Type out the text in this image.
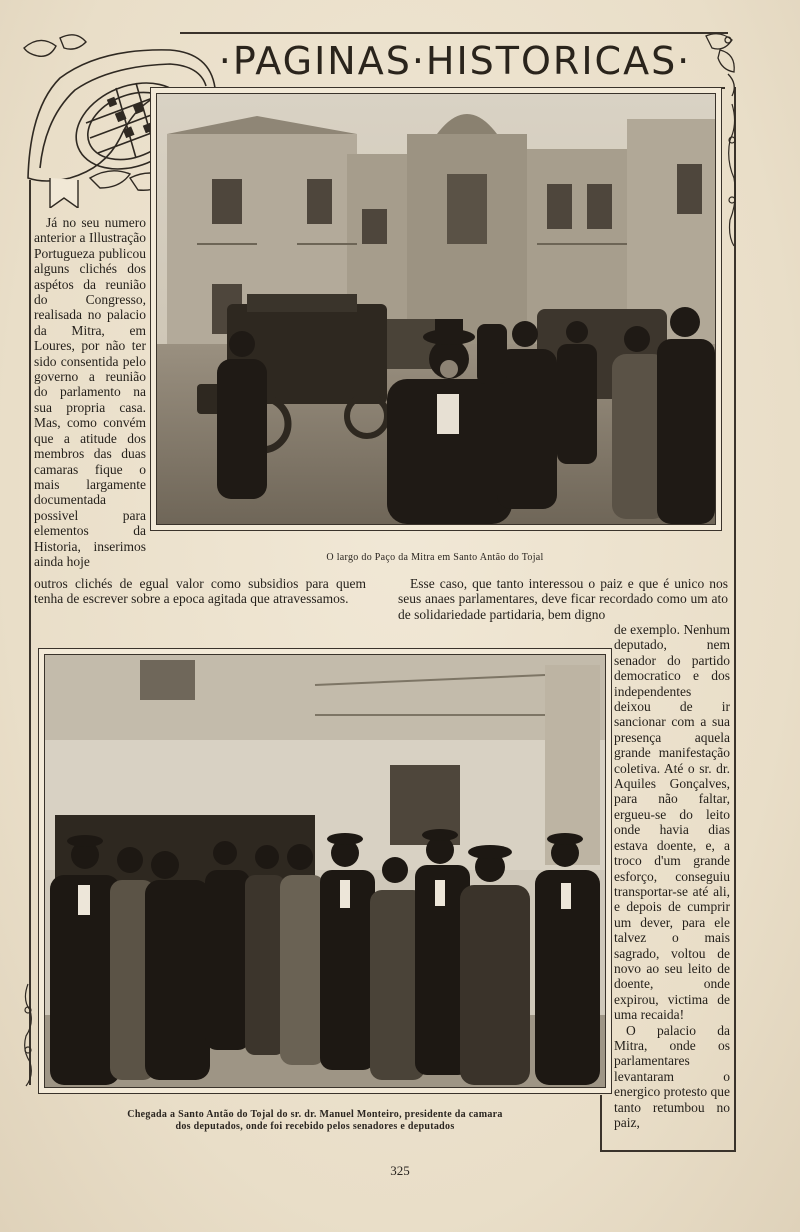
·PAGINAS·HISTORICAS·
O largo do Paço da Mitra em Santo Antão do Tojal
Chegada a Santo Antão do Tojal do sr. dr. Manuel Monteiro, presidente da camara
dos deputados, onde foi recebido pelos senadores e deputados
Já no seu numero anterior a Illustração Portugueza publicou alguns clichés dos aspétos da reunião do Congresso, realisada no palacio da Mitra, em Loures, por não ter sido consentida pelo governo a reunião do parlamento na sua propria casa. Mas, como convém que a atitude dos membros das duas camaras fique o mais largamente documentada possivel para elementos da Historia, inserimos ainda hoje
outros clichés de egual valor como subsidios para quem tenha de escrever sobre a epoca agitada que atravessamos.
Esse caso, que tanto interessou o paiz e que é unico nos seus anaes parlamentares, deve ficar recordado como um ato de solidariedade partidaria, bem digno

de exemplo. Nenhum deputado, nem senador do partido democratico e dos independentes deixou de ir sancionar com a sua presença aquela grande manifestação coletiva. Até o sr. dr. Aquiles Gonçalves, para não faltar, ergueu-se do leito onde havia dias estava doente, e, a troco d'um grande esforço, conseguiu transportar-se até ali, e depois de cumprir um dever, para ele talvez o mais sagrado, voltou de novo ao seu leito de doente, onde expirou, victima de uma recaida!

O palacio da Mitra, onde os parlamentares levantaram o energico protesto que tanto retumbou no paiz,

325
